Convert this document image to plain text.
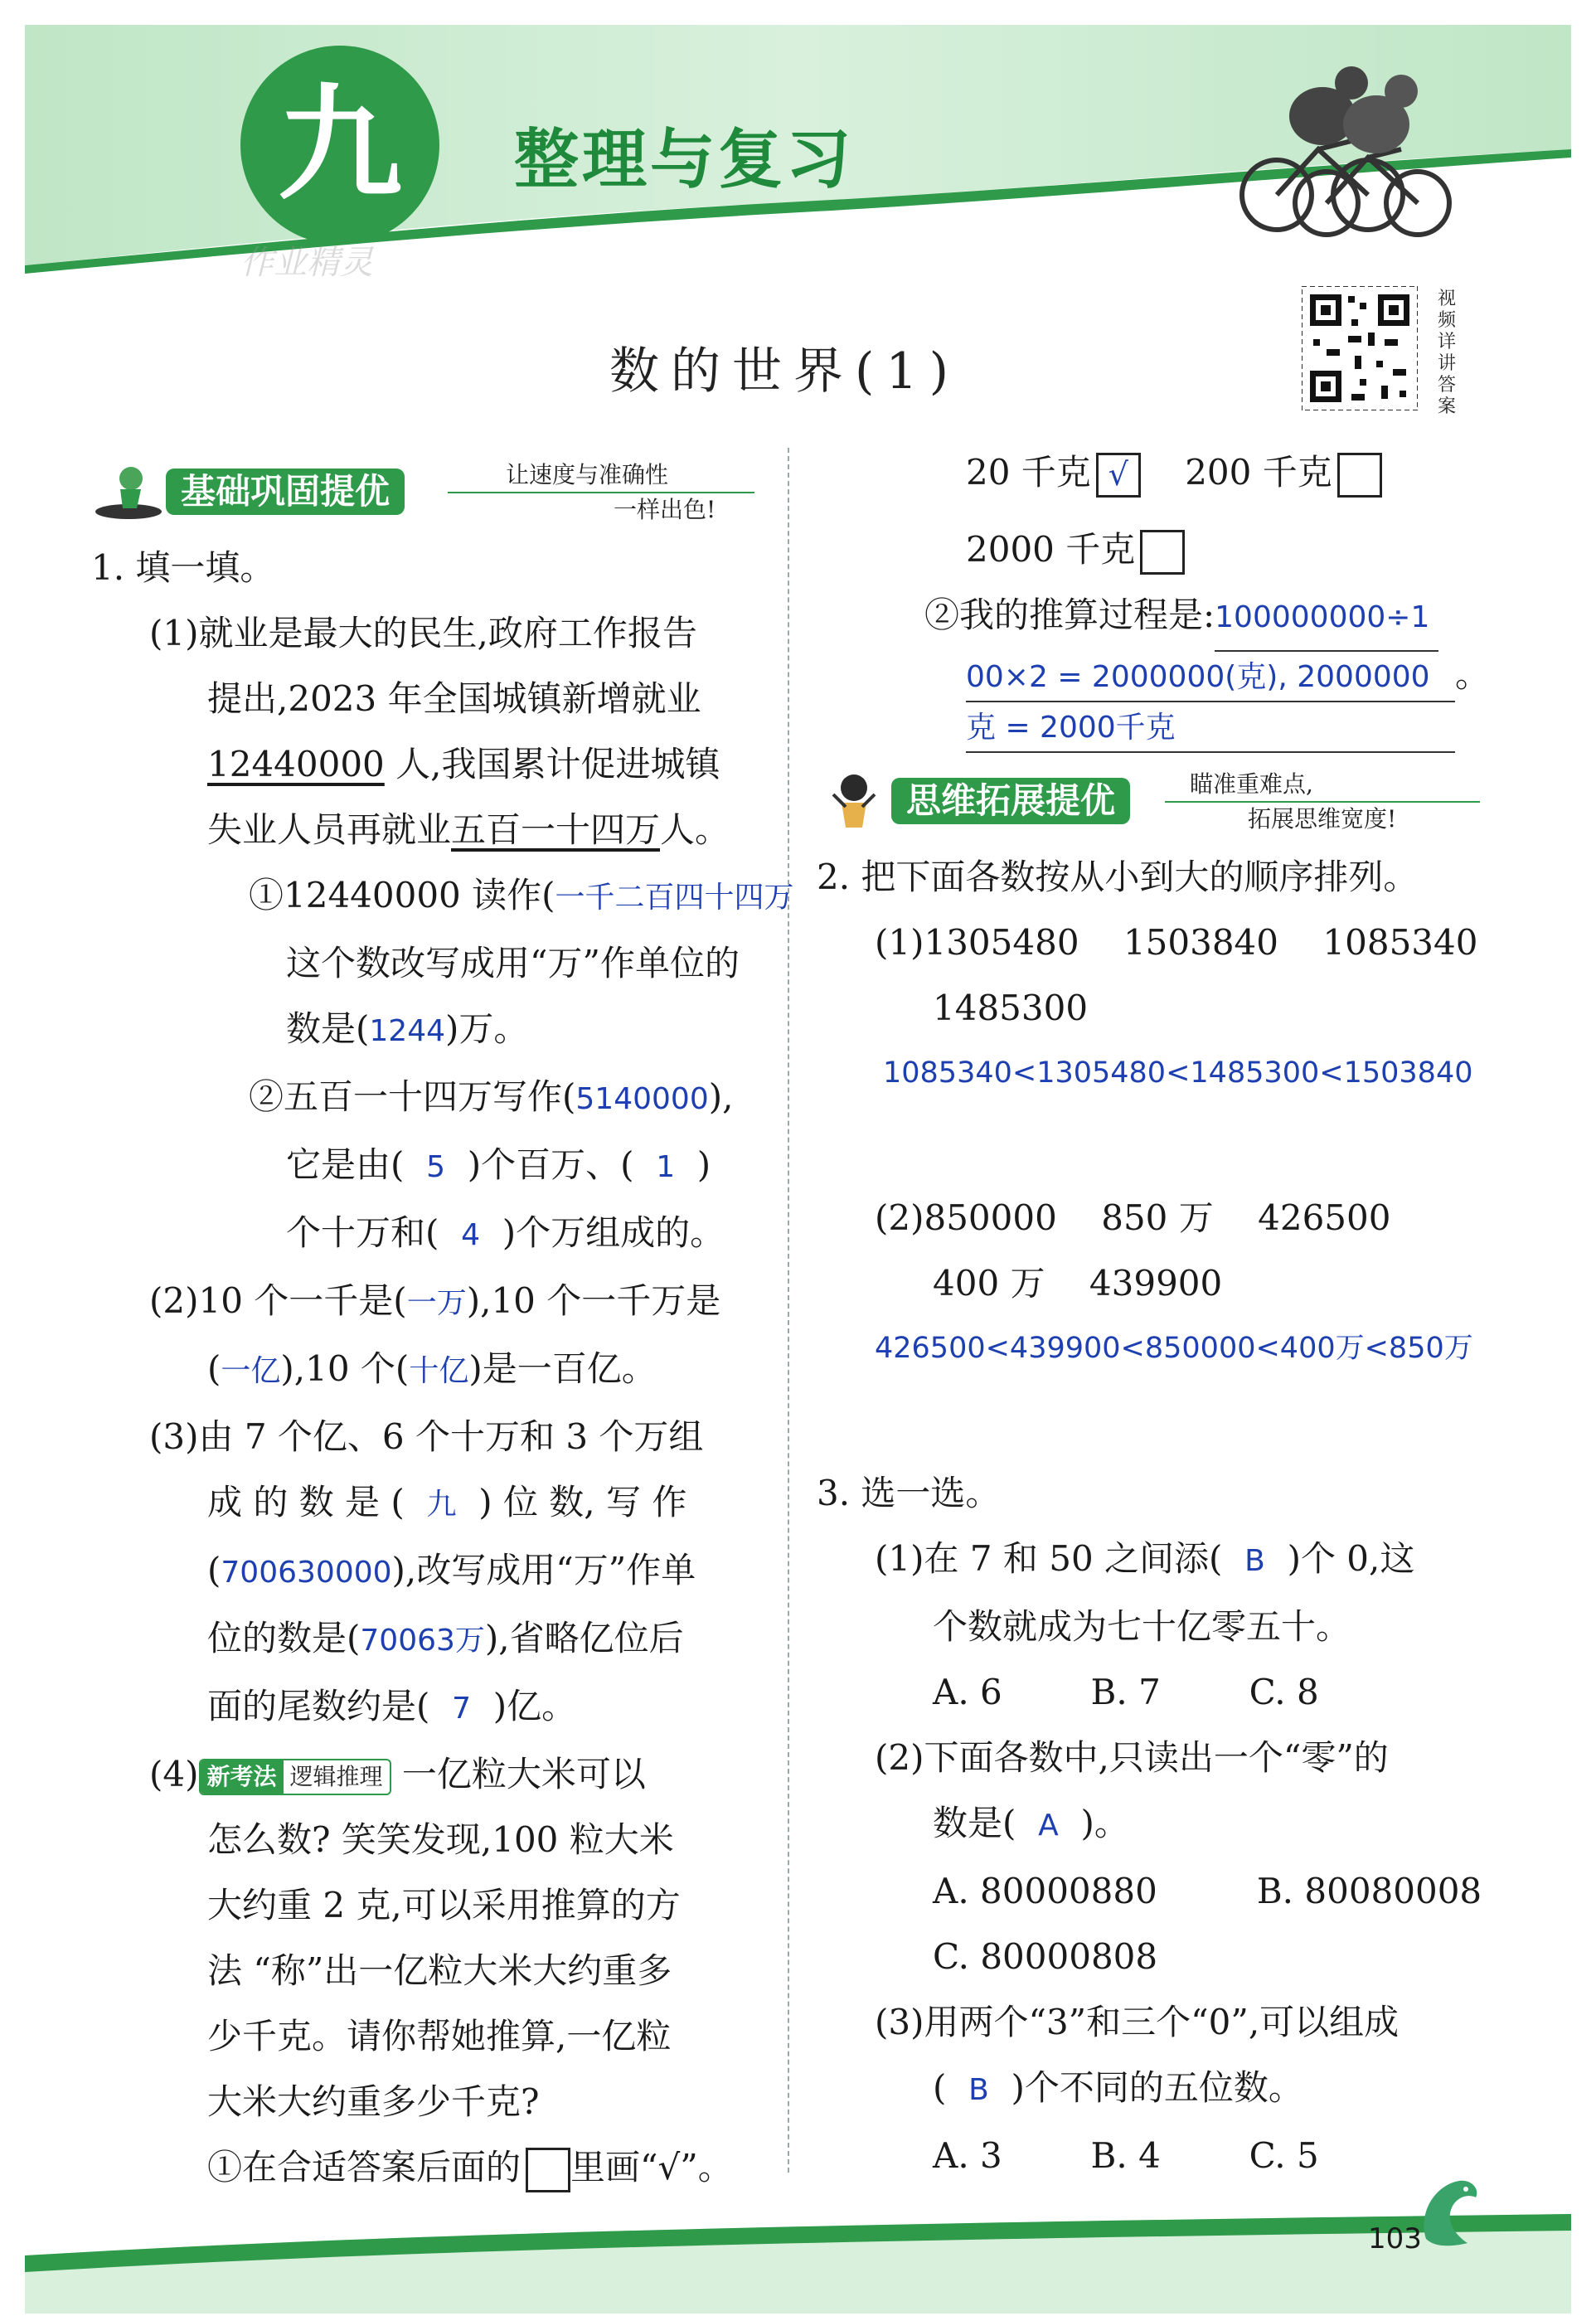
九	整理与复习
作业精灵
数的世界(1)
视频详讲答案
基础巩固提优	让速度与准确性
一样出色!
1. 填一填。
(1)就业是最大的民生,政府工作报告
提出,2023 年全国城镇新增就业
12440000 人,我国累计促进城镇
失业人员再就业五百一十四万人。
①12440000 读作(一千二百四十四万
这个数改写成用“万”作单位的
数是(1244)万。
②五百一十四万写作(5140000),
它是由( 5 )个百万、( 1 )
个十万和( 4 )个万组成的。
(2)10 个一千是(一万),10 个一千万是
(一亿),10 个(十亿)是一百亿。
(3)由 7 个亿、6 个十万和 3 个万组
成 的 数 是 ( 九 ) 位 数, 写 作
(700630000),改写成用“万”作单
位的数是(70063万),省略亿位后
面的尾数约是( 7 )亿。
(4) 新考法 逻辑推理 一亿粒大米可以
怎么数? 笑笑发现,100 粒大米
大约重 2 克,可以采用推算的方
法 “称”出一亿粒大米大约重多
少千克。请你帮她推算,一亿粒
大米大约重多少千克?
①在合适答案后面的 里画“√”。
20 千克 √ 200 千克
2000 千克
②我的推算过程是:100000000÷1
00×2 = 2000000(克), 2000000 。
克 = 2000千克
思维拓展提优	瞄准重难点,
拓展思维宽度!
2. 把下面各数按从小到大的顺序排列。
(1)1305480    1503840    1085340
1485300
1085340<1305480<1485300<1503840
(2)850000    850 万    426500
400 万    439900
426500<439900<850000<400万<850万
3. 选一选。
(1)在 7 和 50 之间添( B )个 0,这
个数就成为七十亿零五十。
A. 6        B. 7        C. 8
(2)下面各数中,只读出一个“零”的
数是( A )。
A. 80000880	B. 80080008
C. 80000808
(3)用两个“3”和三个“0”,可以组成
( B )个不同的五位数。
A. 3        B. 4        C. 5
103
